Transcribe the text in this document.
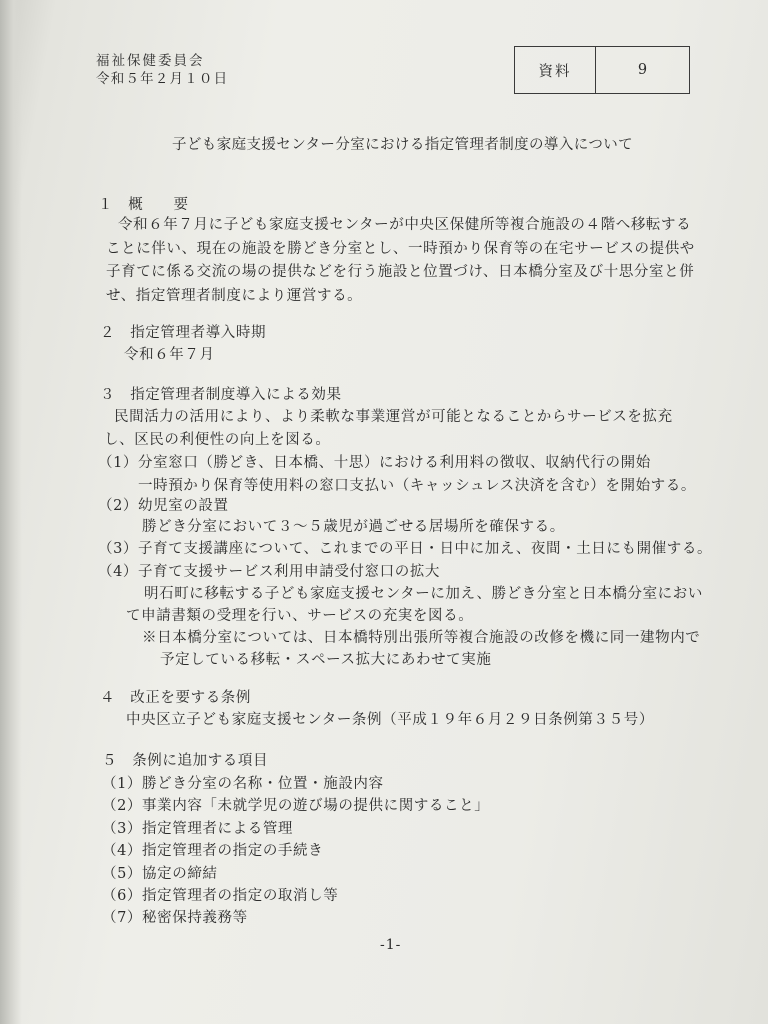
福祉保健委員会
令和５年２月１０日	資料	9
子ども家庭支援センター分室における指定管理者制度の導入について
１　概　　要
令和６年７月に子ども家庭支援センターが中央区保健所等複合施設の４階へ移転する
ことに伴い、現在の施設を勝どき分室とし、一時預かり保育等の在宅サービスの提供や
子育てに係る交流の場の提供などを行う施設と位置づけ、日本橋分室及び十思分室と併
せ、指定管理者制度により運営する。
２　指定管理者導入時期
令和６年７月
３　指定管理者制度導入による効果
民間活力の活用により、より柔軟な事業運営が可能となることからサービスを拡充
し、区民の利便性の向上を図る。
（1）分室窓口（勝どき、日本橋、十思）における利用料の徴収、収納代行の開始
一時預かり保育等使用料の窓口支払い（キャッシュレス決済を含む）を開始する。
（2）幼児室の設置
勝どき分室において３～５歳児が過ごせる居場所を確保する。
（3）子育て支援講座について、これまでの平日・日中に加え、夜間・土日にも開催する。
（4）子育て支援サービス利用申請受付窓口の拡大
明石町に移転する子ども家庭支援センターに加え、勝どき分室と日本橋分室におい
て申請書類の受理を行い、サービスの充実を図る。
※日本橋分室については、日本橋特別出張所等複合施設の改修を機に同一建物内で
予定している移転・スペース拡大にあわせて実施
４　改正を要する条例
中央区立子ども家庭支援センター条例（平成１９年６月２９日条例第３５号）
５　条例に追加する項目
（1）勝どき分室の名称・位置・施設内容
（2）事業内容「未就学児の遊び場の提供に関すること」
（3）指定管理者による管理
（4）指定管理者の指定の手続き
（5）協定の締結
（6）指定管理者の指定の取消し等
（7）秘密保持義務等
-1-
